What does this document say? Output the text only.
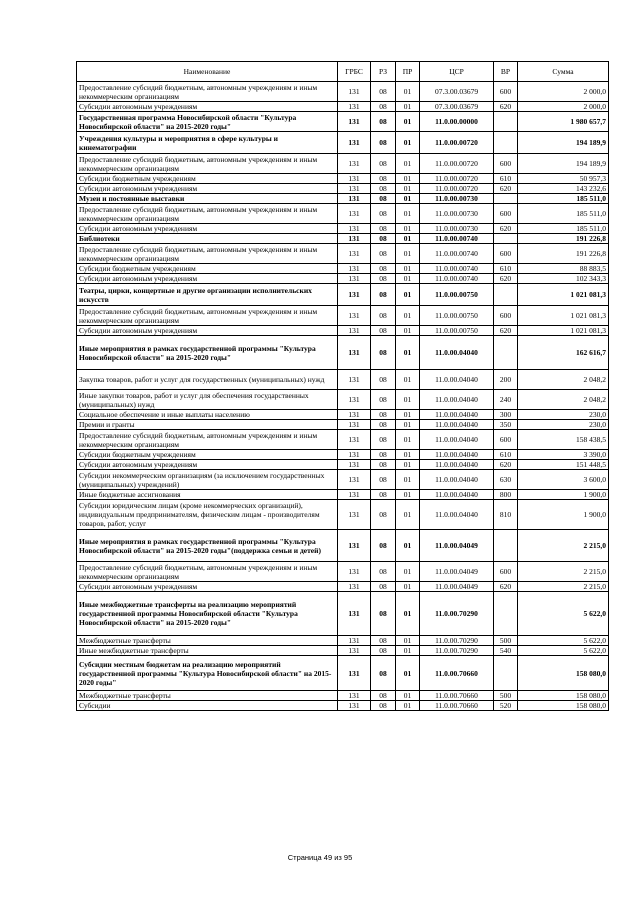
Наименование	ГРБС	РЗ	ПР	ЦСР	ВР	Сумма
Предоставление субсидий бюджетным, автономным учреждениям и иным некоммерческим организациям	131	08	01	07.3.00.03679	600	2 000,0
Субсидии автономным учреждениям	131	08	01	07.3.00.03679	620	2 000,0
Государственная программа Новосибирской области "Культура Новосибирской области" на 2015-2020 годы"	131	08	01	11.0.00.00000		1 980 657,7
Учреждения культуры и мероприятия в сфере культуры и кинематографии	131	08	01	11.0.00.00720		194 189,9
Предоставление субсидий бюджетным, автономным учреждениям и иным некоммерческим организациям	131	08	01	11.0.00.00720	600	194 189,9
Субсидии бюджетным учреждениям	131	08	01	11.0.00.00720	610	50 957,3
Субсидии автономным учреждениям	131	08	01	11.0.00.00720	620	143 232,6
Музеи и постоянные выставки	131	08	01	11.0.00.00730		185 511,0
Предоставление субсидий бюджетным, автономным учреждениям и иным некоммерческим организациям	131	08	01	11.0.00.00730	600	185 511,0
Субсидии автономным учреждениям	131	08	01	11.0.00.00730	620	185 511,0
Библиотеки	131	08	01	11.0.00.00740		191 226,8
Предоставление субсидий бюджетным, автономным учреждениям и иным некоммерческим организациям	131	08	01	11.0.00.00740	600	191 226,8
Субсидии бюджетным учреждениям	131	08	01	11.0.00.00740	610	88 883,5
Субсидии автономным учреждениям	131	08	01	11.0.00.00740	620	102 343,3
Театры, цирки, концертные и другие организации исполнительских искусств	131	08	01	11.0.00.00750		1 021 081,3
Предоставление субсидий бюджетным, автономным учреждениям и иным некоммерческим организациям	131	08	01	11.0.00.00750	600	1 021 081,3
Субсидии автономным учреждениям	131	08	01	11.0.00.00750	620	1 021 081,3
Иные мероприятия в рамках государственной программы "Культура Новосибирской области" на 2015-2020 годы"	131	08	01	11.0.00.04040		162 616,7
Закупка товаров, работ и услуг для государственных (муниципальных) нужд	131	08	01	11.0.00.04040	200	2 048,2
Иные закупки товаров, работ и услуг для обеспечения государственных (муниципальных) нужд	131	08	01	11.0.00.04040	240	2 048,2
Социальное обеспечение и иные выплаты населению	131	08	01	11.0.00.04040	300	230,0
Премии и гранты	131	08	01	11.0.00.04040	350	230,0
Предоставление субсидий бюджетным, автономным учреждениям и иным некоммерческим организациям	131	08	01	11.0.00.04040	600	158 438,5
Субсидии бюджетным учреждениям	131	08	01	11.0.00.04040	610	3 390,0
Субсидии автономным учреждениям	131	08	01	11.0.00.04040	620	151 448,5
Субсидии некоммерческим организациям (за исключением государственных (муниципальных) учреждений)	131	08	01	11.0.00.04040	630	3 600,0
Иные бюджетные ассигнования	131	08	01	11.0.00.04040	800	1 900,0
Субсидии юридическим лицам (кроме некоммерческих организаций), индивидуальным предпринимателям, физическим лицам - производителям товаров, работ, услуг	131	08	01	11.0.00.04040	810	1 900,0
Иные мероприятия в рамках государственной программы "Культура Новосибирской области" на 2015-2020 годы"(поддержка семьи и детей)	131	08	01	11.0.00.04049		2 215,0
Предоставление субсидий бюджетным, автономным учреждениям и иным некоммерческим организациям	131	08	01	11.0.00.04049	600	2 215,0
Субсидии автономным учреждениям	131	08	01	11.0.00.04049	620	2 215,0
Иные межбюджетные трансферты на реализацию мероприятий государственной программы Новосибирской области "Культура Новосибирской области" на 2015-2020 годы"	131	08	01	11.0.00.70290		5 622,0
Межбюджетные трансферты	131	08	01	11.0.00.70290	500	5 622,0
Иные межбюджетные трансферты	131	08	01	11.0.00.70290	540	5 622,0
Субсидии местным бюджетам на реализацию мероприятий государственной программы "Культура Новосибирской области" на 2015-2020 годы"	131	08	01	11.0.00.70660		158 080,0
Межбюджетные трансферты	131	08	01	11.0.00.70660	500	158 080,0
Субсидии	131	08	01	11.0.00.70660	520	158 080,0
Страница 49 из 95
